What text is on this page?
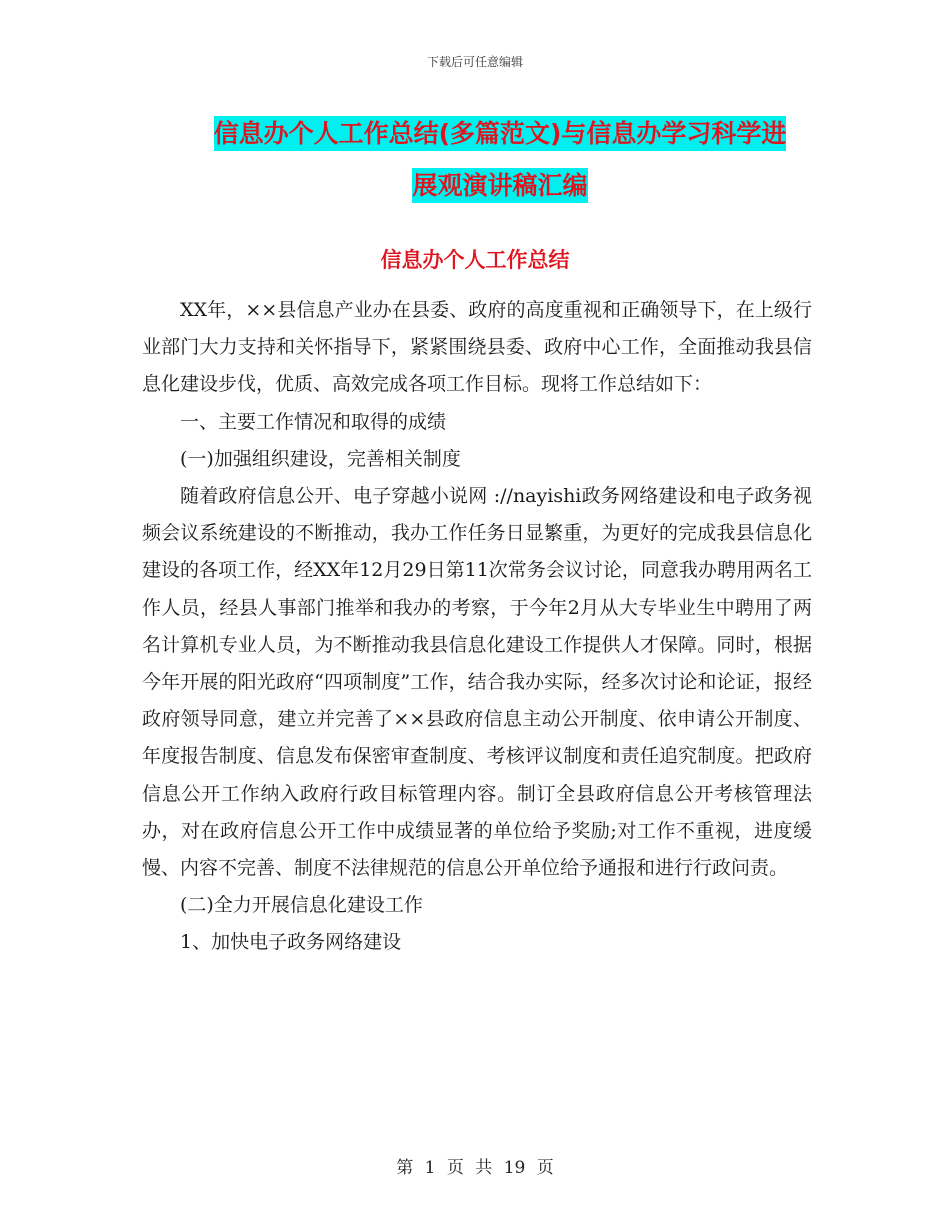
下载后可任意编辑
信息办个人工作总结(多篇范文)与信息办学习科学进
展观演讲稿汇编
信息办个人工作总结

XX年，××县信息产业办在县委、政府的高度重视和正确领导下，在上级行业部门大力支持和关怀指导下，紧紧围绕县委、政府中心工作，全面推动我县信息化建设步伐，优质、高效完成各项工作目标。现将工作总结如下：

一、主要工作情况和取得的成绩

(一)加强组织建设，完善相关制度

随着政府信息公开、电子穿越小说网 ://nayishi政务网络建设和电子政务视频会议系统建设的不断推动，我办工作任务日显繁重，为更好的完成我县信息化建设的各项工作，经XX年12月29日第11次常务会议讨论，同意我办聘用两名工作人员，经县人事部门推举和我办的考察，于今年2月从大专毕业生中聘用了两名计算机专业人员，为不断推动我县信息化建设工作提供人才保障。同时，根据今年开展的阳光政府“四项制度”工作，结合我办实际，经多次讨论和论证，报经政府领导同意，建立并完善了××县政府信息主动公开制度、依申请公开制度、年度报告制度、信息发布保密审查制度、考核评议制度和责任追究制度。把政府信息公开工作纳入政府行政目标管理内容。制订全县政府信息公开考核管理法办，对在政府信息公开工作中成绩显著的单位给予奖励;对工作不重视，进度缓慢、内容不完善、制度不法律规范的信息公开单位给予通报和进行行政问责。

(二)全力开展信息化建设工作

1、加快电子政务网络建设

第 1 页 共 19 页
